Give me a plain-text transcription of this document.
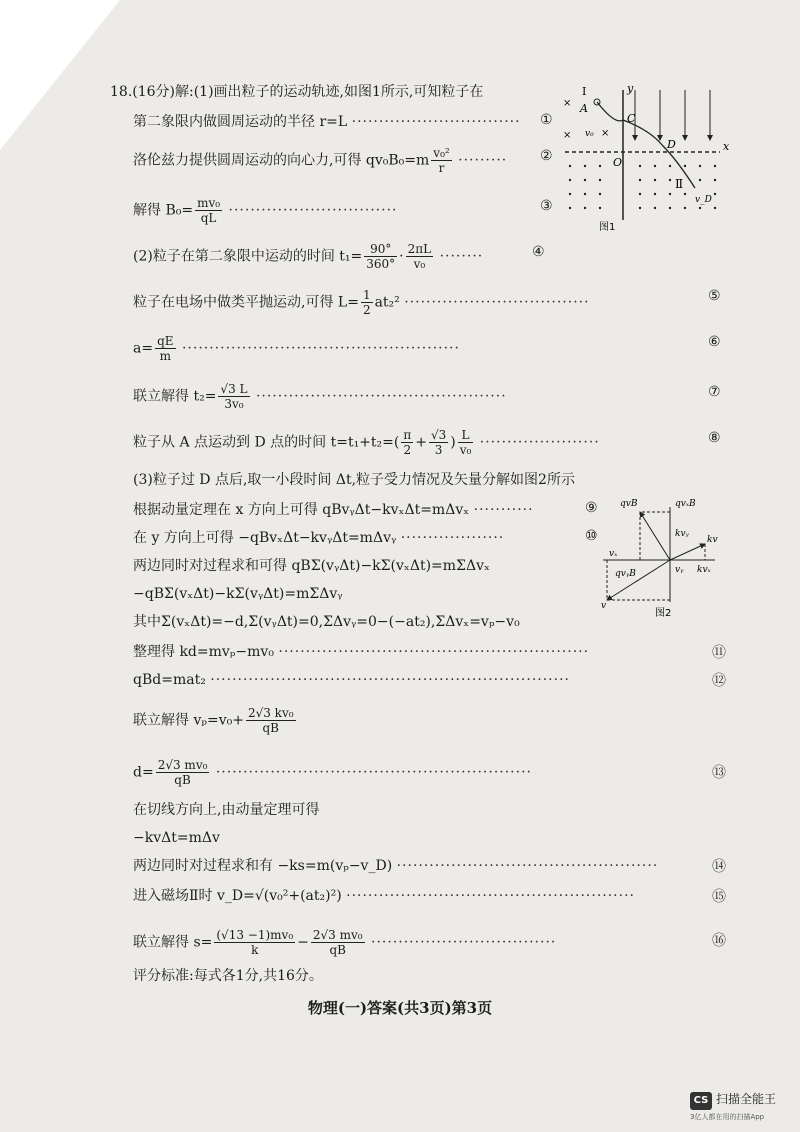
18.(16分)解:(1)画出粒子的运动轨迹,如图1所示,可知粒子在
第二象限内做圆周运动的半径 r=L ······························· ①
洛伦兹力提供圆周运动的向心力,可得 $qv_0B_0=m \frac{\text{v₀²}}{r}$ ········· ②
解得 $B_0= \frac{\text{mv₀}}{qL}$ ·······························	③
(2)粒子在第二象限中运动的时间 $t_1= \frac{90^\circ}{360^\circ} \cdot \frac{2\pi L}{\text{v₀}}$ ········	④
粒子在电场中做类平抛运动,可得 $L= \frac{1}{2} at_2^2$ ··································	⑤
$a= \frac{qE}{m}$ ···················································	⑥
联立解得 $t_2= \frac{√3 L}{\text{3v₀}}$ ··············································	⑦
粒子从 A 点运动到 D 点的时间 $t=t_1+t_2=( \frac{\pi}{2} + \frac{√3}{3}$ ) $\frac{L}{\text{v₀}}$ ······················	⑧
(3)粒子过 D 点后,取一小段时间 Δt,粒子受力情况及矢量分解如图2所示
根据动量定理在 x 方向上可得 qBvᵧΔt−kvₓΔt=mΔvₓ ···········	⑨
在 y 方向上可得 −qBvₓΔt−kvᵧΔt=mΔvᵧ ···················	⑩
两边同时对过程求和可得 qBΣ(vᵧΔt)−kΣ(vₓΔt)=mΣΔvₓ
−qBΣ(vₓΔt)−kΣ(vᵧΔt)=mΣΔvᵧ
其中Σ(vₓΔt)=−d,Σ(vᵧΔt)=0,ΣΔvᵧ=0−(−at₂),ΣΔvₓ=vₚ−v₀
整理得 kd=mvₚ−mv₀ ·························································	⑪
qBd=mat₂ ··································································	⑫
联立解得 $v_p=v_0+ \frac{\text{2√3 kv₀}}{qB}$
$d= \frac{\text{2√3 mv₀}}{qB}$ ··························································	⑬
在切线方向上,由动量定理可得
−kvΔt=mΔv
两边同时对过程求和有 −ks=m(vₚ−v_D) ················································	⑭
进入磁场Ⅱ时 v_D=√(v₀²+(at₂)²) ·····················································	⑮
联立解得 $s= \frac{\text{(√13 −1)mv₀}}{k} - \frac{\text{2√3 mv₀}}{qB}$ ··································	⑯
评分标准:每式各1分,共16分。
I	y
x
A
C
D
O
v₀
v_D
Ⅱ
×
×	×
图1
qvB	qvₓB
kvᵧ
kv
vₓ
vᵧ
qvᵧB	kvₓ
v
图2
物理(一)答案(共3页)第3页
CS 扫描全能王
3亿人都在用的扫描App
